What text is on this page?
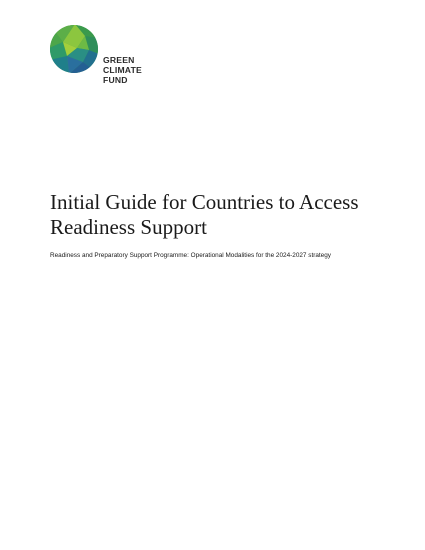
GREEN
CLIMATE
FUND

Initial Guide for Countries to Access
Readiness Support

Readiness and Preparatory Support Programme: Operational Modalities for the 2024-2027 strategy
